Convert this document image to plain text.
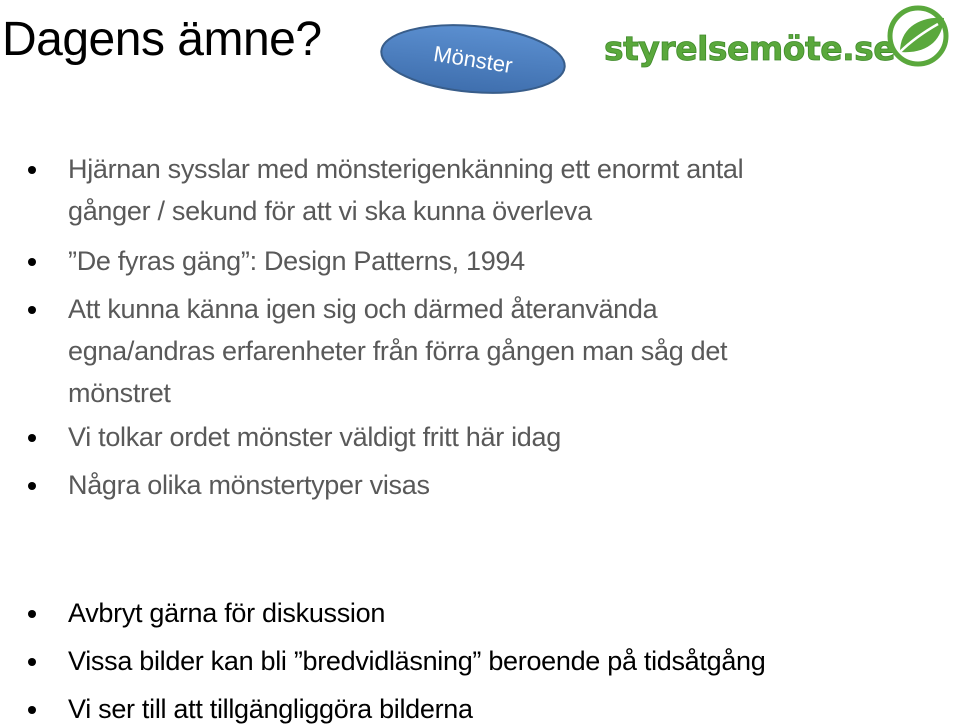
Dagens ämne?	Mönster	styrelsemöte.se
Hjärnan sysslar med mönsterigenkänning ett enormt antal
gånger / sekund för att vi ska kunna överleva
”De fyras gäng”: Design Patterns, 1994
Att kunna känna igen sig och därmed återanvända
egna/andras erfarenheter från förra gången man såg det
mönstret
Vi tolkar ordet mönster väldigt fritt här idag
Några olika mönstertyper visas
Avbryt gärna för diskussion
Vissa bilder kan bli ”bredvidläsning” beroende på tidsåtgång
Vi ser till att tillgängliggöra bilderna
